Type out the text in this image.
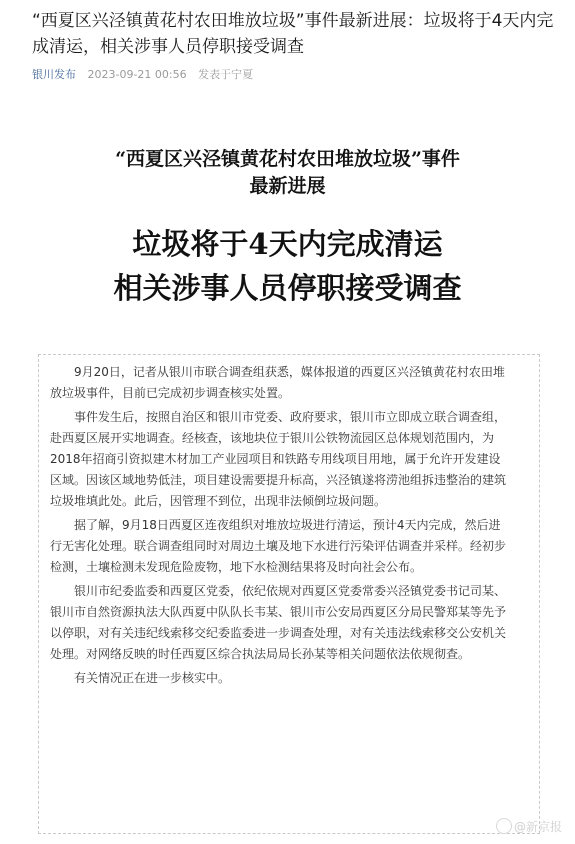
“西夏区兴泾镇黄花村农田堆放垃圾”事件最新进展：垃圾将于4天内完成清运，相关涉事人员停职接受调查
银川发布 2023-09-21 00:56 发表于宁夏
“西夏区兴泾镇黄花村农田堆放垃圾”事件
最新进展
垃圾将于4天内完成清运
相关涉事人员停职接受调查

9月20日，记者从银川市联合调查组获悉，媒体报道的西夏区兴泾镇黄花村农田堆放垃圾事件，目前已完成初步调查核实处置。

事件发生后，按照自治区和银川市党委、政府要求，银川市立即成立联合调查组，赴西夏区展开实地调查。经核查，该地块位于银川公铁物流园区总体规划范围内，为2018年招商引资拟建木材加工产业园项目和铁路专用线项目用地，属于允许开发建设区域。因该区域地势低洼，项目建设需要提升标高，兴泾镇遂将涝池组拆违整治的建筑垃圾堆填此处。此后，因管理不到位，出现非法倾倒垃圾问题。

据了解，9月18日西夏区连夜组织对堆放垃圾进行清运，预计4天内完成，然后进行无害化处理。联合调查组同时对周边土壤及地下水进行污染评估调查并采样。经初步检测，土壤检测未发现危险废物，地下水检测结果将及时向社会公布。

银川市纪委监委和西夏区党委，依纪依规对西夏区党委常委兴泾镇党委书记司某、银川市自然资源执法大队西夏中队队长韦某、银川市公安局西夏区分局民警郑某等先予以停职，对有关违纪线索移交纪委监委进一步调查处理，对有关违法线索移交公安机关处理。对网络反映的时任西夏区综合执法局局长孙某等相关问题依法依规彻查。

有关情况正在进一步核实中。

@新京报
